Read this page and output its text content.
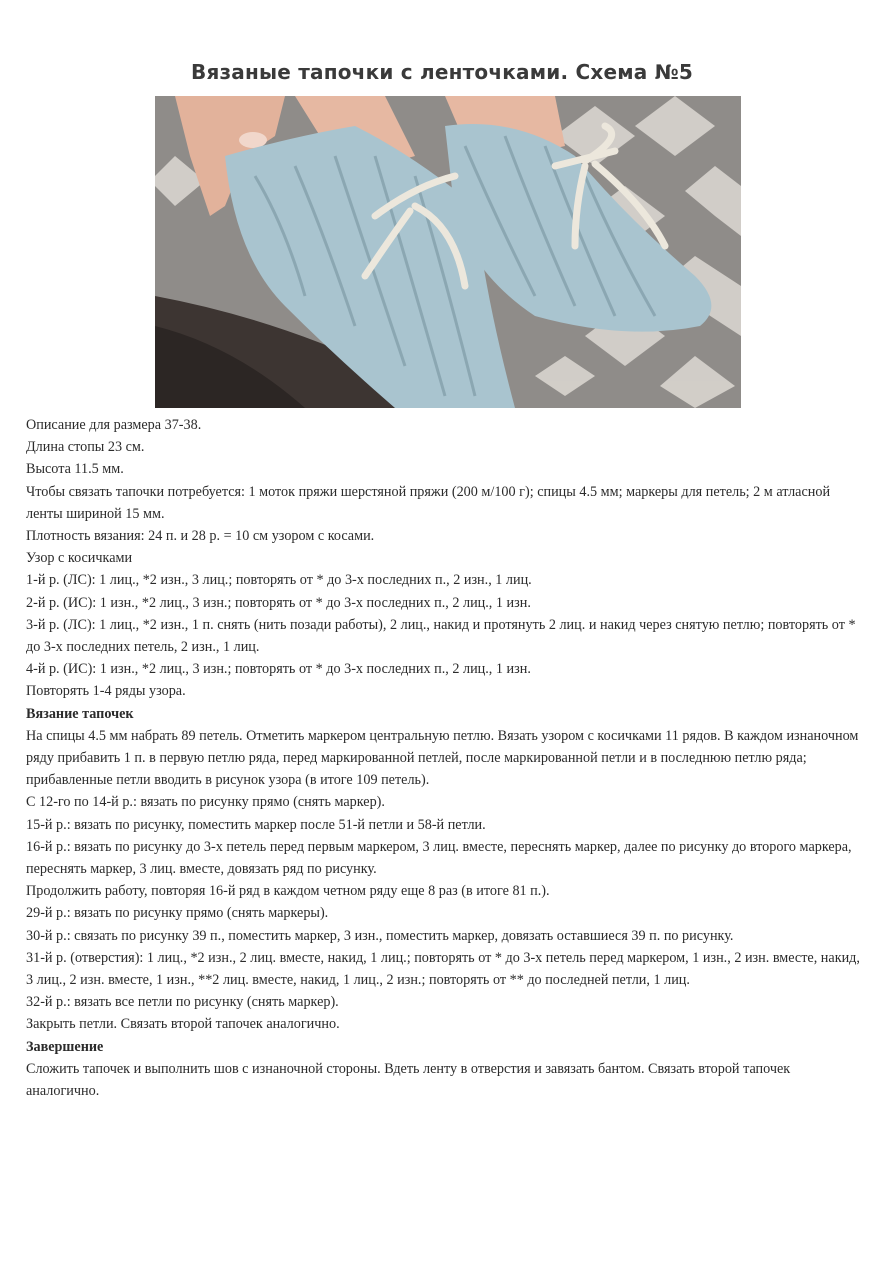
Вязаные тапочки с ленточками. Схема №5

Описание для размера 37-38.

Длина стопы 23 см.

Высота 11.5 мм.

Чтобы связать тапочки потребуется: 1 моток пряжи шерстяной пряжи (200 м/100 г); спицы 4.5 мм; маркеры для петель; 2 м атласной ленты шириной 15 мм.

Плотность вязания: 24 п. и 28 р. = 10 см узором с косами.

Узор с косичками

1-й р. (ЛС): 1 лиц., *2 изн., 3 лиц.; повторять от * до 3-х последних п., 2 изн., 1 лиц.

2-й р. (ИС): 1 изн., *2 лиц., 3 изн.; повторять от * до 3-х последних п., 2 лиц., 1 изн.

3-й р. (ЛС): 1 лиц., *2 изн., 1 п. снять (нить позади работы), 2 лиц., накид и протянуть 2 лиц. и накид через снятую петлю; повторять от * до 3-х последних петель, 2 изн., 1 лиц.

4-й р. (ИС): 1 изн., *2 лиц., 3 изн.; повторять от * до 3-х последних п., 2 лиц., 1 изн.

Повторять 1-4 ряды узора.

Вязание тапочек

На спицы 4.5 мм набрать 89 петель. Отметить маркером центральную петлю. Вязать узором с косичками 11 рядов. В каждом изнаночном ряду прибавить 1 п. в первую петлю ряда, перед маркированной петлей, после маркированной петли и в последнюю петлю ряда; прибавленные петли вводить в рисунок узора (в итоге 109 петель).

С 12-го по 14-й р.: вязать по рисунку прямо (снять маркер).

15-й р.: вязать по рисунку, поместить маркер после 51-й петли и 58-й петли.

16-й р.: вязать по рисунку до 3-х петель перед первым маркером, 3 лиц. вместе, переснять маркер, далее по рисунку до второго маркера, переснять маркер, 3 лиц. вместе, довязать ряд по рисунку.

Продолжить работу, повторяя 16-й ряд в каждом четном ряду еще 8 раз (в итоге 81 п.).

29-й р.: вязать по рисунку прямо (снять маркеры).

30-й р.: связать по рисунку 39 п., поместить маркер, 3 изн., поместить маркер, довязать оставшиеся 39 п. по рисунку.

31-й р. (отверстия): 1 лиц., *2 изн., 2 лиц. вместе, накид, 1 лиц.; повторять от * до 3-х петель перед маркером, 1 изн., 2 изн. вместе, накид, 3 лиц., 2 изн. вместе, 1 изн., **2 лиц. вместе, накид, 1 лиц., 2 изн.; повторять от ** до последней петли, 1 лиц.

32-й р.: вязать все петли по рисунку (снять маркер).

Закрыть петли. Связать второй тапочек аналогично.

Завершение

Сложить тапочек и выполнить шов с изнаночной стороны. Вдеть ленту в отверстия и завязать бантом. Связать второй тапочек аналогично.
